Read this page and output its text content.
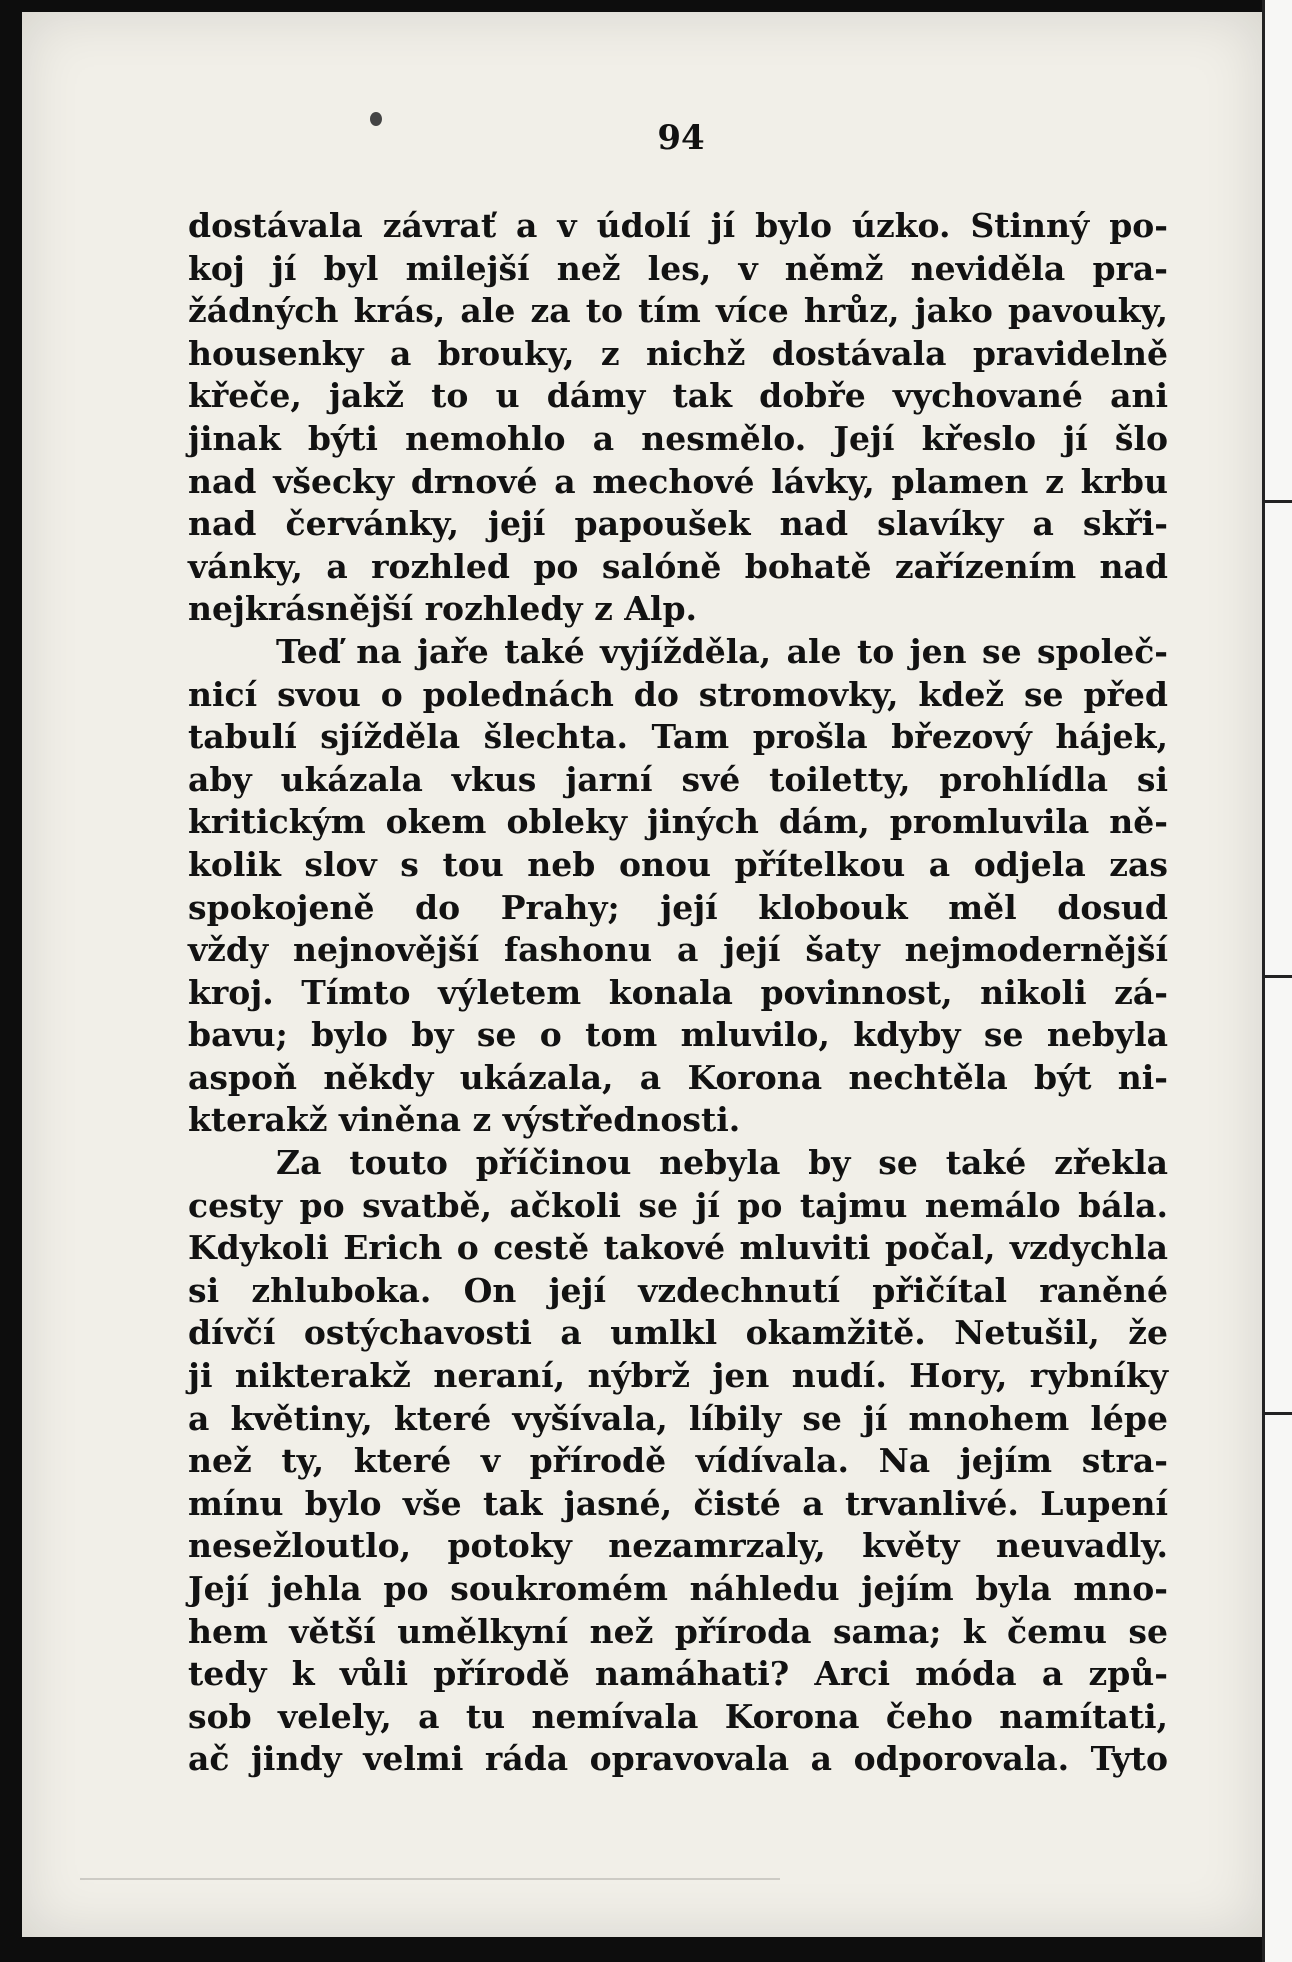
94
dostávala závrať a v údolí jí bylo úzko. Stinný po-
koj jí byl milejší než les, v němž neviděla pra-
žádných krás, ale za to tím více hrůz, jako pavouky,
housenky a brouky, z nichž dostávala pravidelně
křeče, jakž to u dámy tak dobře vychované ani
jinak býti nemohlo a nesmělo. Její křeslo jí šlo
nad všecky drnové a mechové lávky, plamen z krbu
nad červánky, její papoušek nad slavíky a skři-
vánky, a rozhled po salóně bohatě zařízením nad
nejkrásnější rozhledy z Alp.
Teď na jaře také vyjížděla, ale to jen se společ-
nicí svou o polednách do stromovky, kdež se před
tabulí sjížděla šlechta. Tam prošla březový hájek,
aby ukázala vkus jarní své toiletty, prohlídla si
kritickým okem obleky jiných dám, promluvila ně-
kolik slov s tou neb onou přítelkou a odjela zas
spokojeně do Prahy; její klobouk měl dosud
vždy nejnovější fashonu a její šaty nejmodernější
kroj. Tímto výletem konala povinnost, nikoli zá-
bavu; bylo by se o tom mluvilo, kdyby se nebyla
aspoň někdy ukázala, a Korona nechtěla být ni-
kterakž viněna z výstřednosti.
Za touto příčinou nebyla by se také zřekla
cesty po svatbě, ačkoli se jí po tajmu nemálo bála.
Kdykoli Erich o cestě takové mluviti počal, vzdychla
si zhluboka. On její vzdechnutí přičítal raněné
dívčí ostýchavosti a umlkl okamžitě. Netušil, že
ji nikterakž neraní, nýbrž jen nudí. Hory, rybníky
a květiny, které vyšívala, líbily se jí mnohem lépe
než ty, které v přírodě vídívala. Na jejím stra-
mínu bylo vše tak jasné, čisté a trvanlivé. Lupení
nesežloutlo, potoky nezamrzaly, květy neuvadly.
Její jehla po soukromém náhledu jejím byla mno-
hem větší umělkyní než příroda sama; k čemu se
tedy k vůli přírodě namáhati? Arci móda a způ-
sob velely, a tu nemívala Korona čeho namítati,
ač jindy velmi ráda opravovala a odporovala. Tyto
